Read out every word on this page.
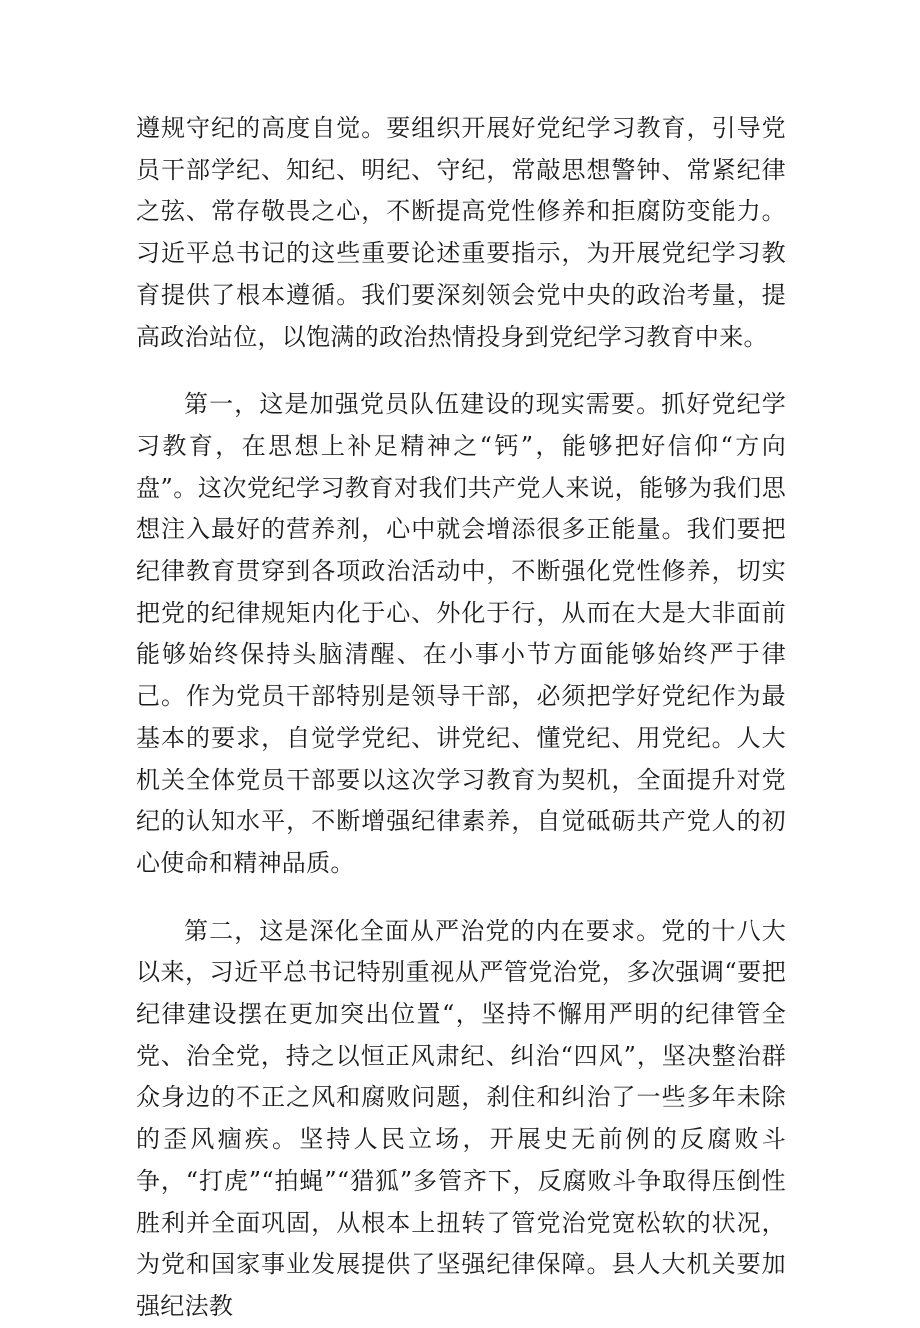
遵规守纪的高度自觉。要组织开展好党纪学习教育，引导党员干部学纪、知纪、明纪、守纪，常敲思想警钟、常紧纪律之弦、常存敬畏之心，不断提高党性修养和拒腐防变能力。习近平总书记的这些重要论述重要指示，为开展党纪学习教育提供了根本遵循。我们要深刻领会党中央的政治考量，提高政治站位，以饱满的政治热情投身到党纪学习教育中来。

第一，这是加强党员队伍建设的现实需要。抓好党纪学习教育，在思想上补足精神之“钙”，能够把好信仰“方向盘”。这次党纪学习教育对我们共产党人来说，能够为我们思想注入最好的营养剂，心中就会增添很多正能量。我们要把纪律教育贯穿到各项政治活动中，不断强化党性修养，切实把党的纪律规矩内化于心、外化于行，从而在大是大非面前能够始终保持头脑清醒、在小事小节方面能够始终严于律己。作为党员干部特别是领导干部，必须把学好党纪作为最基本的要求，自觉学党纪、讲党纪、懂党纪、用党纪。人大机关全体党员干部要以这次学习教育为契机，全面提升对党纪的认知水平，不断增强纪律素养，自觉砥砺共产党人的初心使命和精神品质。

第二，这是深化全面从严治党的内在要求。党的十八大以来，习近平总书记特别重视从严管党治党，多次强调“要把纪律建设摆在更加突出位置“，坚持不懈用严明的纪律管全党、治全党，持之以恒正风肃纪、纠治“四风”，坚决整治群众身边的不正之风和腐败问题，刹住和纠治了一些多年未除的歪风痼疾。坚持人民立场，开展史无前例的反腐败斗争，“打虎”“拍蝇”“猎狐”多管齐下，反腐败斗争取得压倒性胜利并全面巩固，从根本上扭转了管党治党宽松软的状况，为党和国家事业发展提供了坚强纪律保障。县人大机关要加强纪法教
